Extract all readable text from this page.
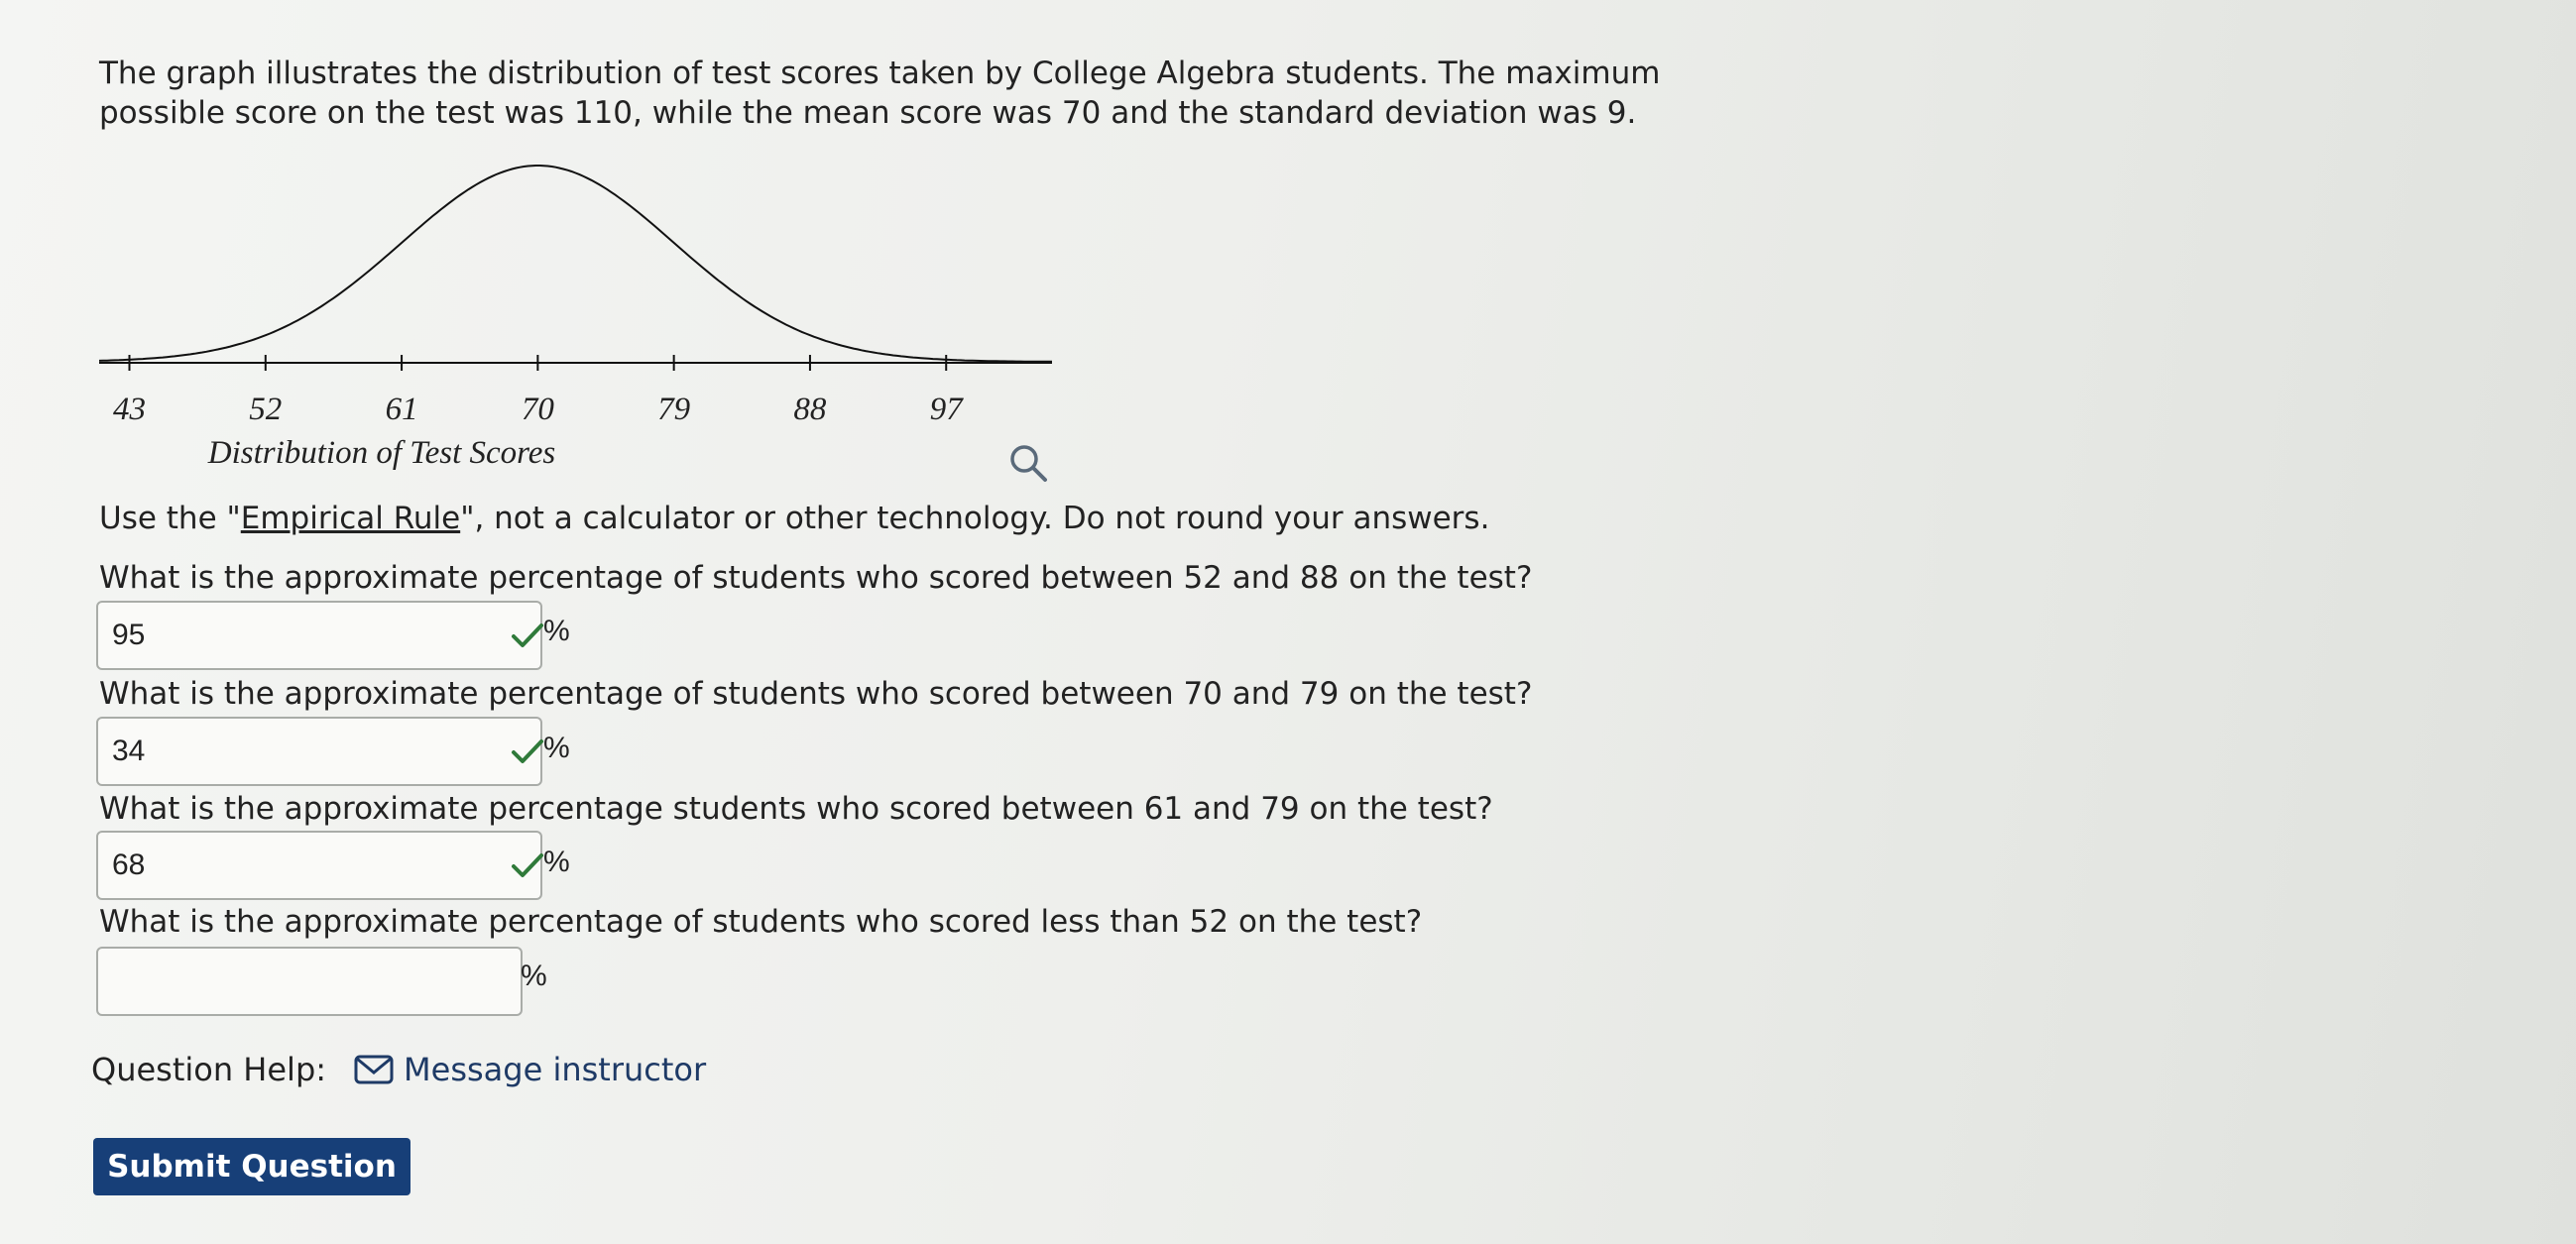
The graph illustrates the distribution of test scores taken by College Algebra students. The maximum

possible score on the test was 110, while the mean score was 70 and the standard deviation was 9.

43	52	61	70	79	88	97
Distribution of Test Scores

Use the "Empirical Rule", not a calculator or other technology. Do not round your answers.

What is the approximate percentage of students who scored between 52 and 88 on the test?

95	%

What is the approximate percentage of students who scored between 70 and 79 on the test?

34	%

What is the approximate percentage students who scored between 61 and 79 on the test?

68	%

What is the approximate percentage of students who scored less than 52 on the test?

%
Question Help: Message instructor
Submit Question
